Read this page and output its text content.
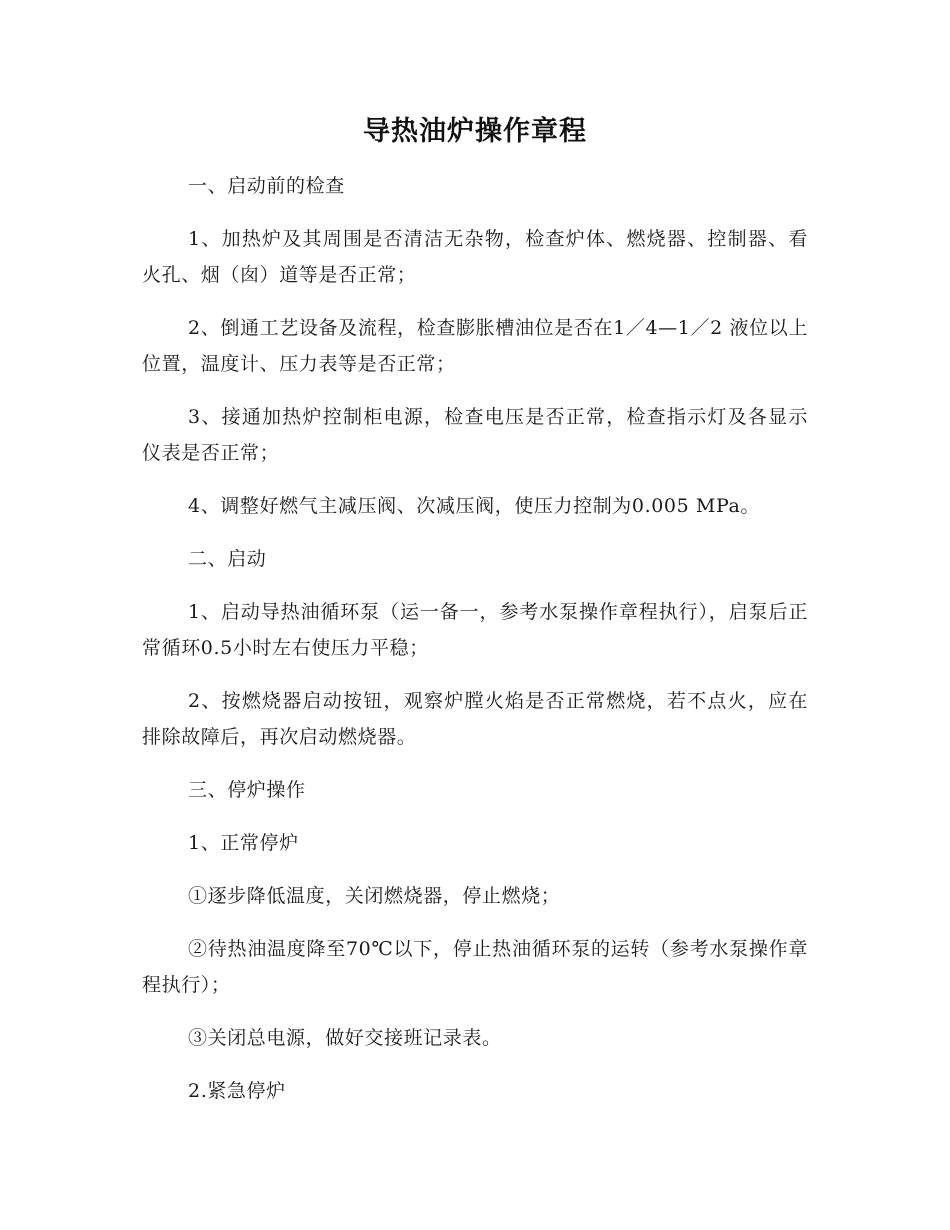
导热油炉操作章程
一、启动前的检查
1、加热炉及其周围是否清洁无杂物，检查炉体、燃烧器、控制器、看火孔、烟（囱）道等是否正常；
2、倒通工艺设备及流程，检查膨胀槽油位是否在1／4—1／2 液位以上位置，温度计、压力表等是否正常；
3、接通加热炉控制柜电源，检查电压是否正常，检查指示灯及各显示仪表是否正常；
4、调整好燃气主减压阀、次减压阀，使压力控制为0.005 MPa。
二、启动
1、启动导热油循环泵（运一备一，参考水泵操作章程执行），启泵后正常循环0.5小时左右使压力平稳；
2、按燃烧器启动按钮，观察炉膛火焰是否正常燃烧，若不点火，应在排除故障后，再次启动燃烧器。
三、停炉操作
1、正常停炉
①逐步降低温度，关闭燃烧器，停止燃烧；
②待热油温度降至70℃以下，停止热油循环泵的运转（参考水泵操作章程执行）；
③关闭总电源，做好交接班记录表。
2.紧急停炉
